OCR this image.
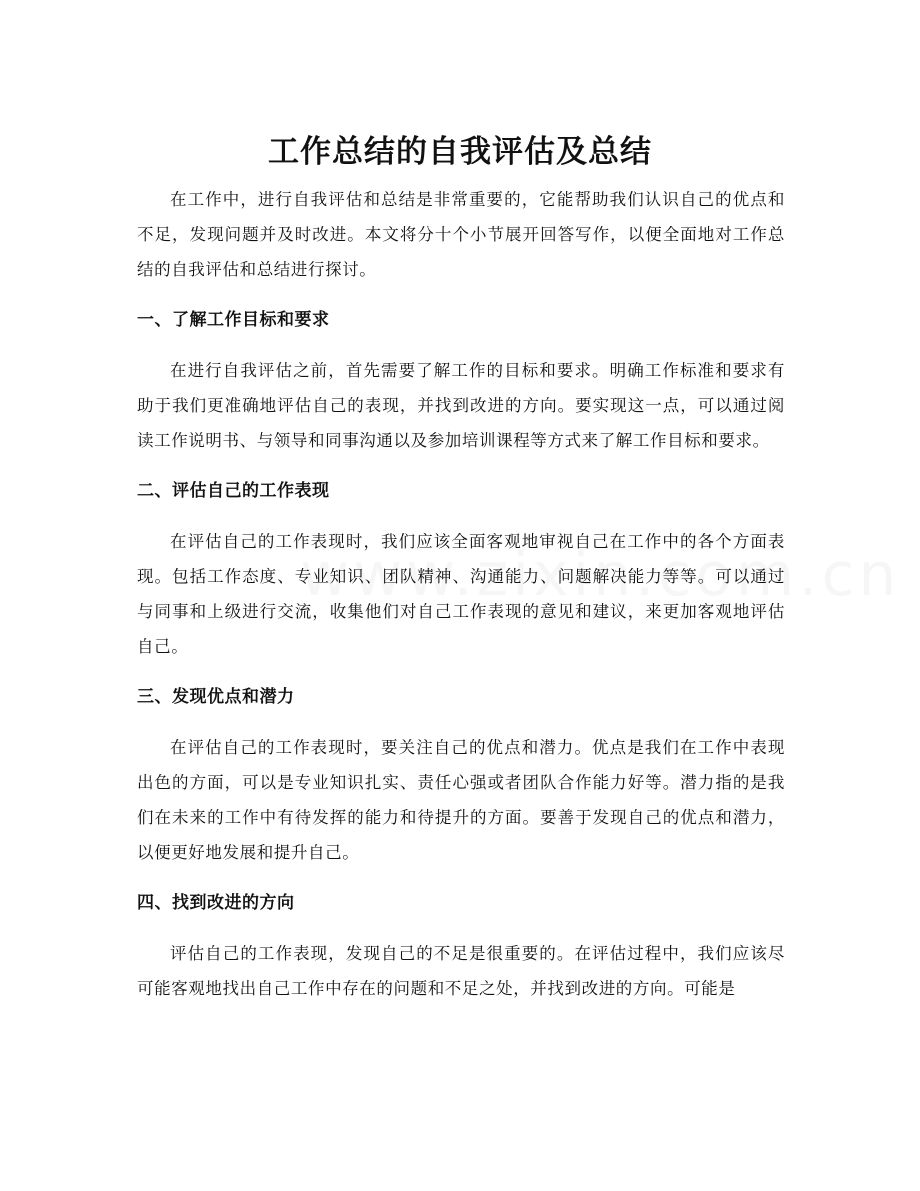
工作总结的自我评估及总结

在工作中，进行自我评估和总结是非常重要的，它能帮助我们认识自己的优点和不足，发现问题并及时改进。本文将分十个小节展开回答写作，以便全面地对工作总结的自我评估和总结进行探讨。

一、了解工作目标和要求

在进行自我评估之前，首先需要了解工作的目标和要求。明确工作标准和要求有助于我们更准确地评估自己的表现，并找到改进的方向。要实现这一点，可以通过阅读工作说明书、与领导和同事沟通以及参加培训课程等方式来了解工作目标和要求。

二、评估自己的工作表现

在评估自己的工作表现时，我们应该全面客观地审视自己在工作中的各个方面表现。包括工作态度、专业知识、团队精神、沟通能力、问题解决能力等等。可以通过与同事和上级进行交流，收集他们对自己工作表现的意见和建议，来更加客观地评估自己。

三、发现优点和潜力

在评估自己的工作表现时，要关注自己的优点和潜力。优点是我们在工作中表现出色的方面，可以是专业知识扎实、责任心强或者团队合作能力好等。潜力指的是我们在未来的工作中有待发挥的能力和待提升的方面。要善于发现自己的优点和潜力，以便更好地发展和提升自己。

四、找到改进的方向

评估自己的工作表现，发现自己的不足是很重要的。在评估过程中，我们应该尽可能客观地找出自己工作中存在的问题和不足之处，并找到改进的方向。可能是
